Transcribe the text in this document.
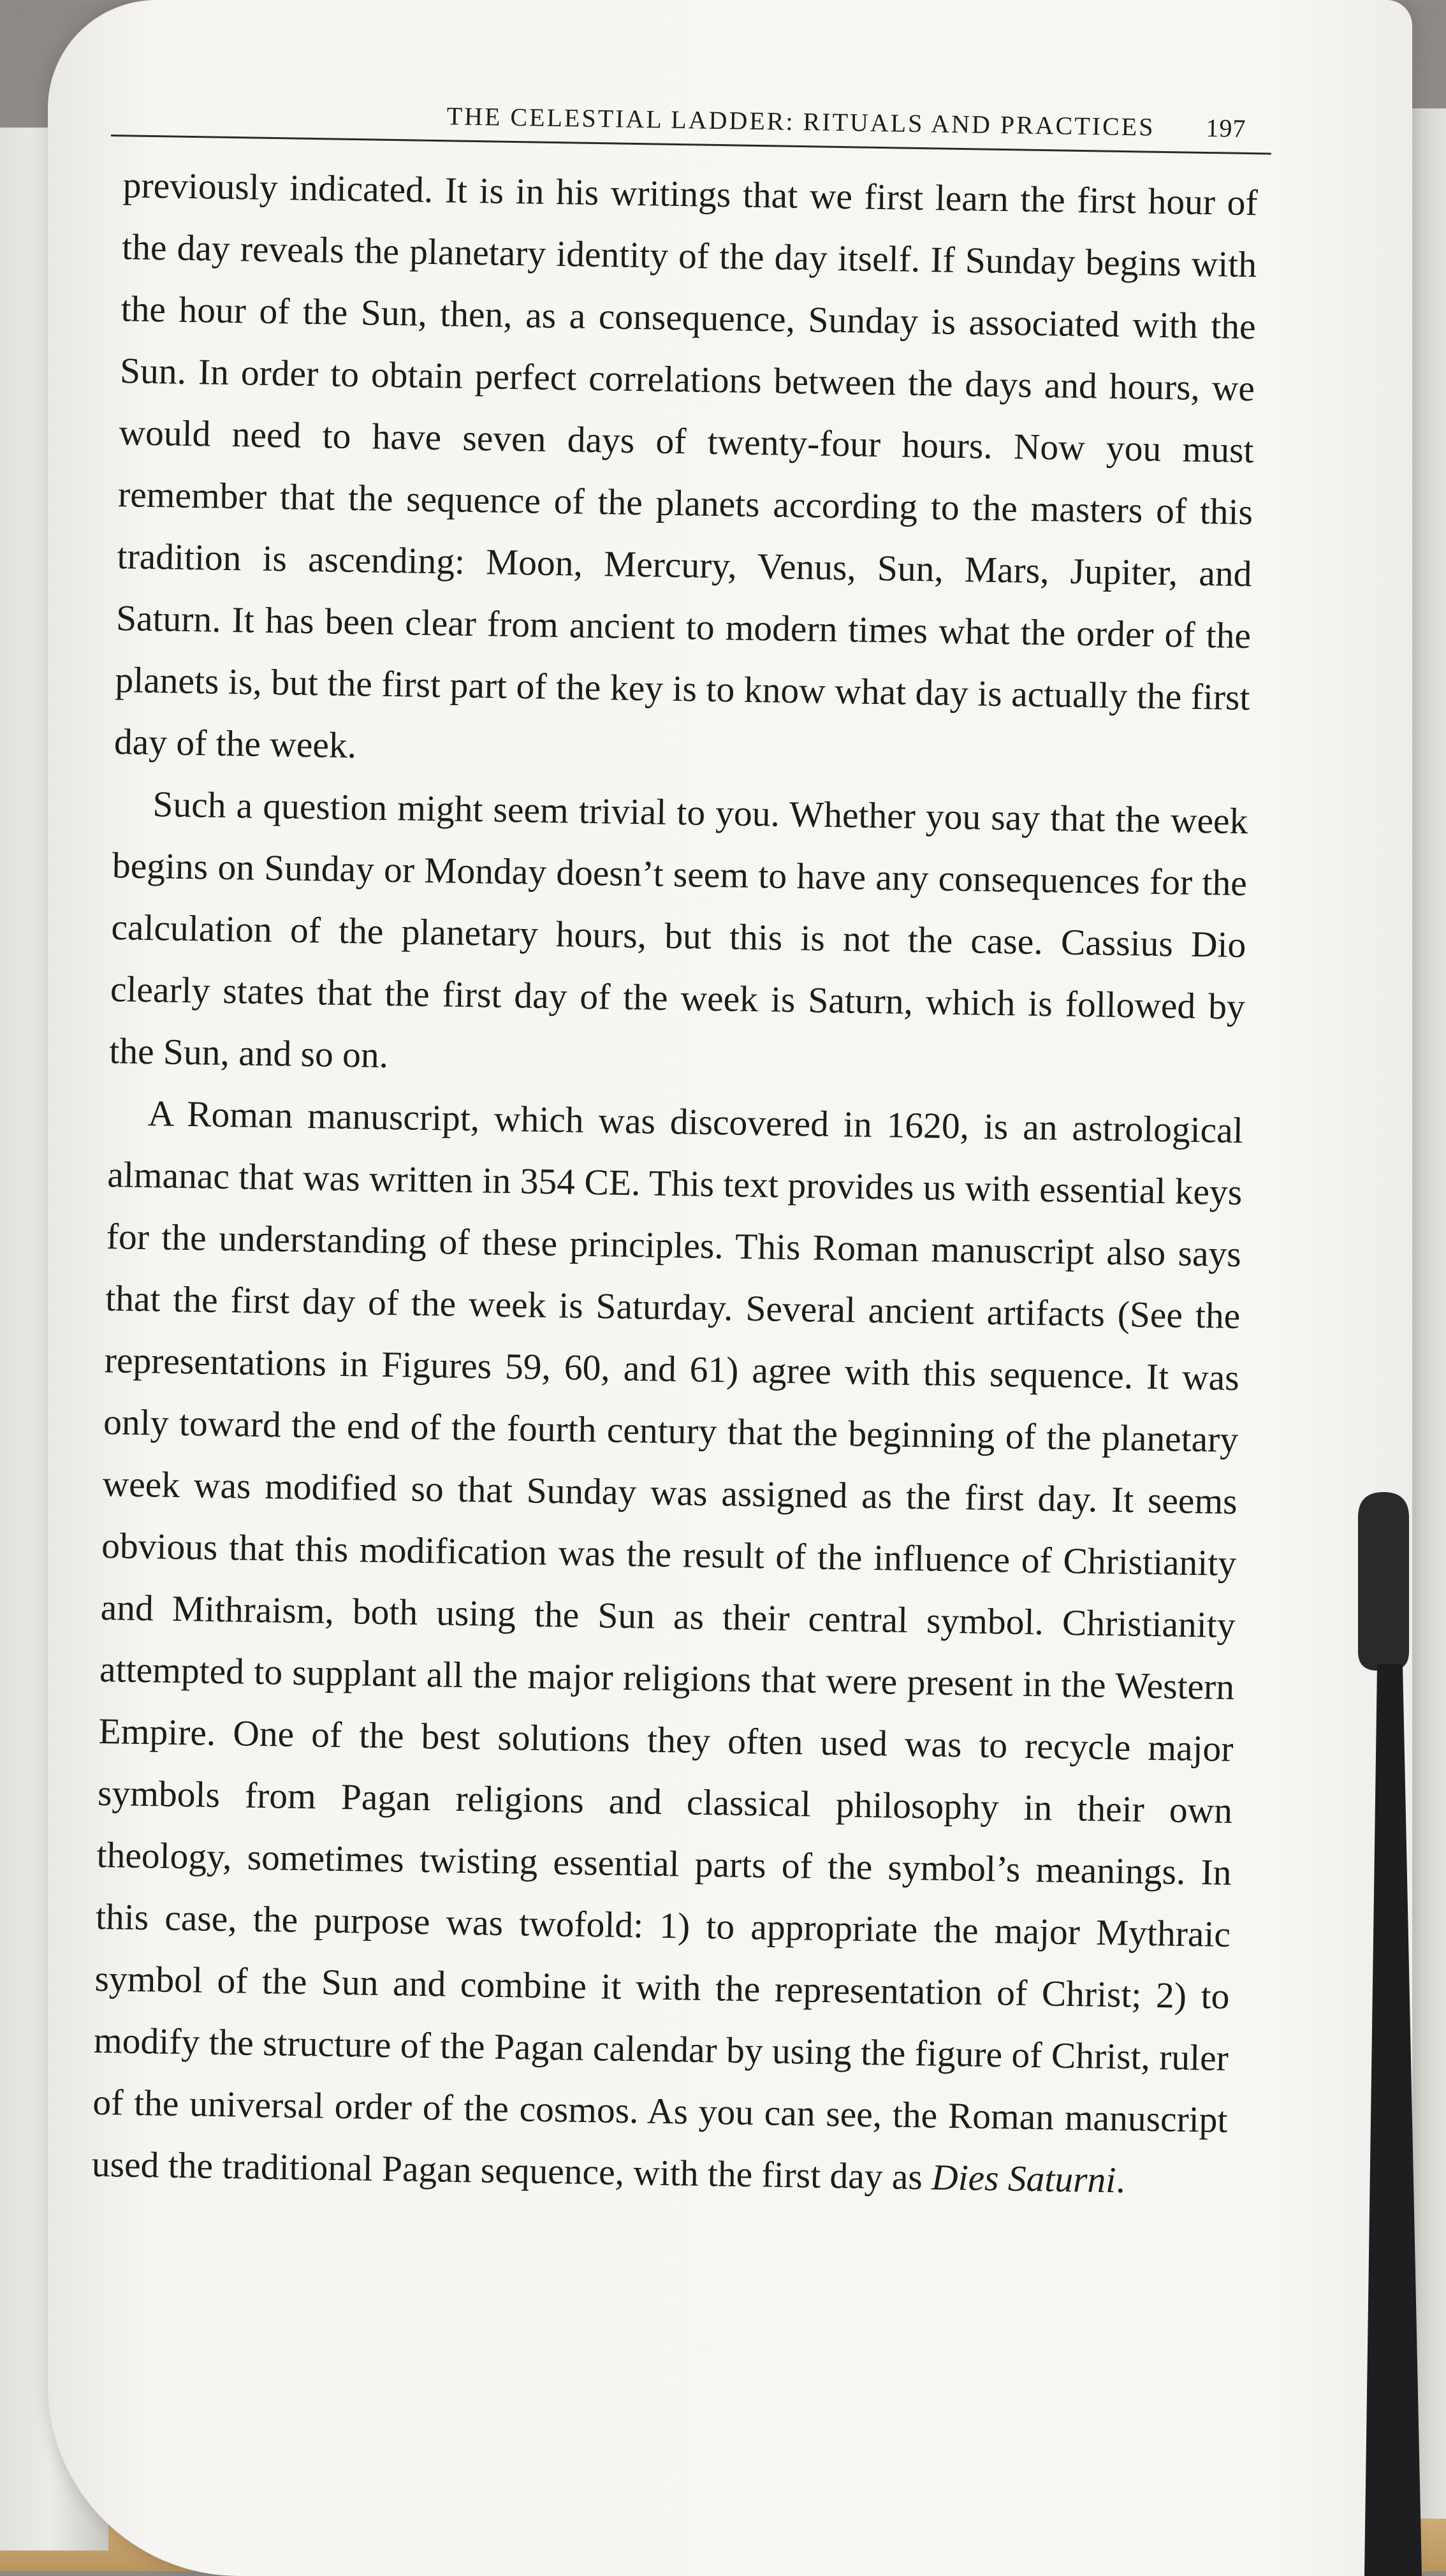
THE CELESTIAL LADDER: RITUALS AND PRACTICES 197

previously indicated. It is in his writings that we first learn the first hour of the day reveals the planetary identity of the day itself. If Sunday begins with the hour of the Sun, then, as a consequence, Sunday is associated with the Sun. In order to obtain perfect correlations between the days and hours, we would need to have seven days of twenty-four hours. Now you must remember that the sequence of the planets according to the masters of this tradition is ascending: Moon, Mercury, Venus, Sun, Mars, Jupiter, and Saturn. It has been clear from ancient to modern times what the order of the planets is, but the first part of the key is to know what day is actually the first day of the week.

Such a question might seem trivial to you. Whether you say that the week begins on Sunday or Monday doesn’t seem to have any consequences for the calculation of the planetary hours, but this is not the case. Cassius Dio clearly states that the first day of the week is Saturn, which is followed by the Sun, and so on.

A Roman manuscript, which was discovered in 1620, is an astrological almanac that was written in 354 CE. This text provides us with essential keys for the understanding of these principles. This Roman manuscript also says that the first day of the week is Saturday. Several ancient artifacts (See the representations in Figures 59, 60, and 61) agree with this sequence. It was only toward the end of the fourth century that the beginning of the planetary week was modified so that Sunday was assigned as the first day. It seems obvious that this modification was the result of the influence of Christianity and Mithraism, both using the Sun as their central symbol. Christianity attempted to supplant all the major religions that were present in the Western Empire. One of the best solutions they often used was to recycle major symbols from Pagan religions and classical philosophy in their own theology, sometimes twisting essential parts of the symbol’s meanings. In this case, the purpose was twofold: 1) to appropriate the major Mythraic symbol of the Sun and combine it with the representation of Christ; 2) to modify the structure of the Pagan calendar by using the figure of Christ, ruler of the universal order of the cosmos. As you can see, the Roman manuscript used the traditional Pagan sequence, with the first day as Dies Saturni.
